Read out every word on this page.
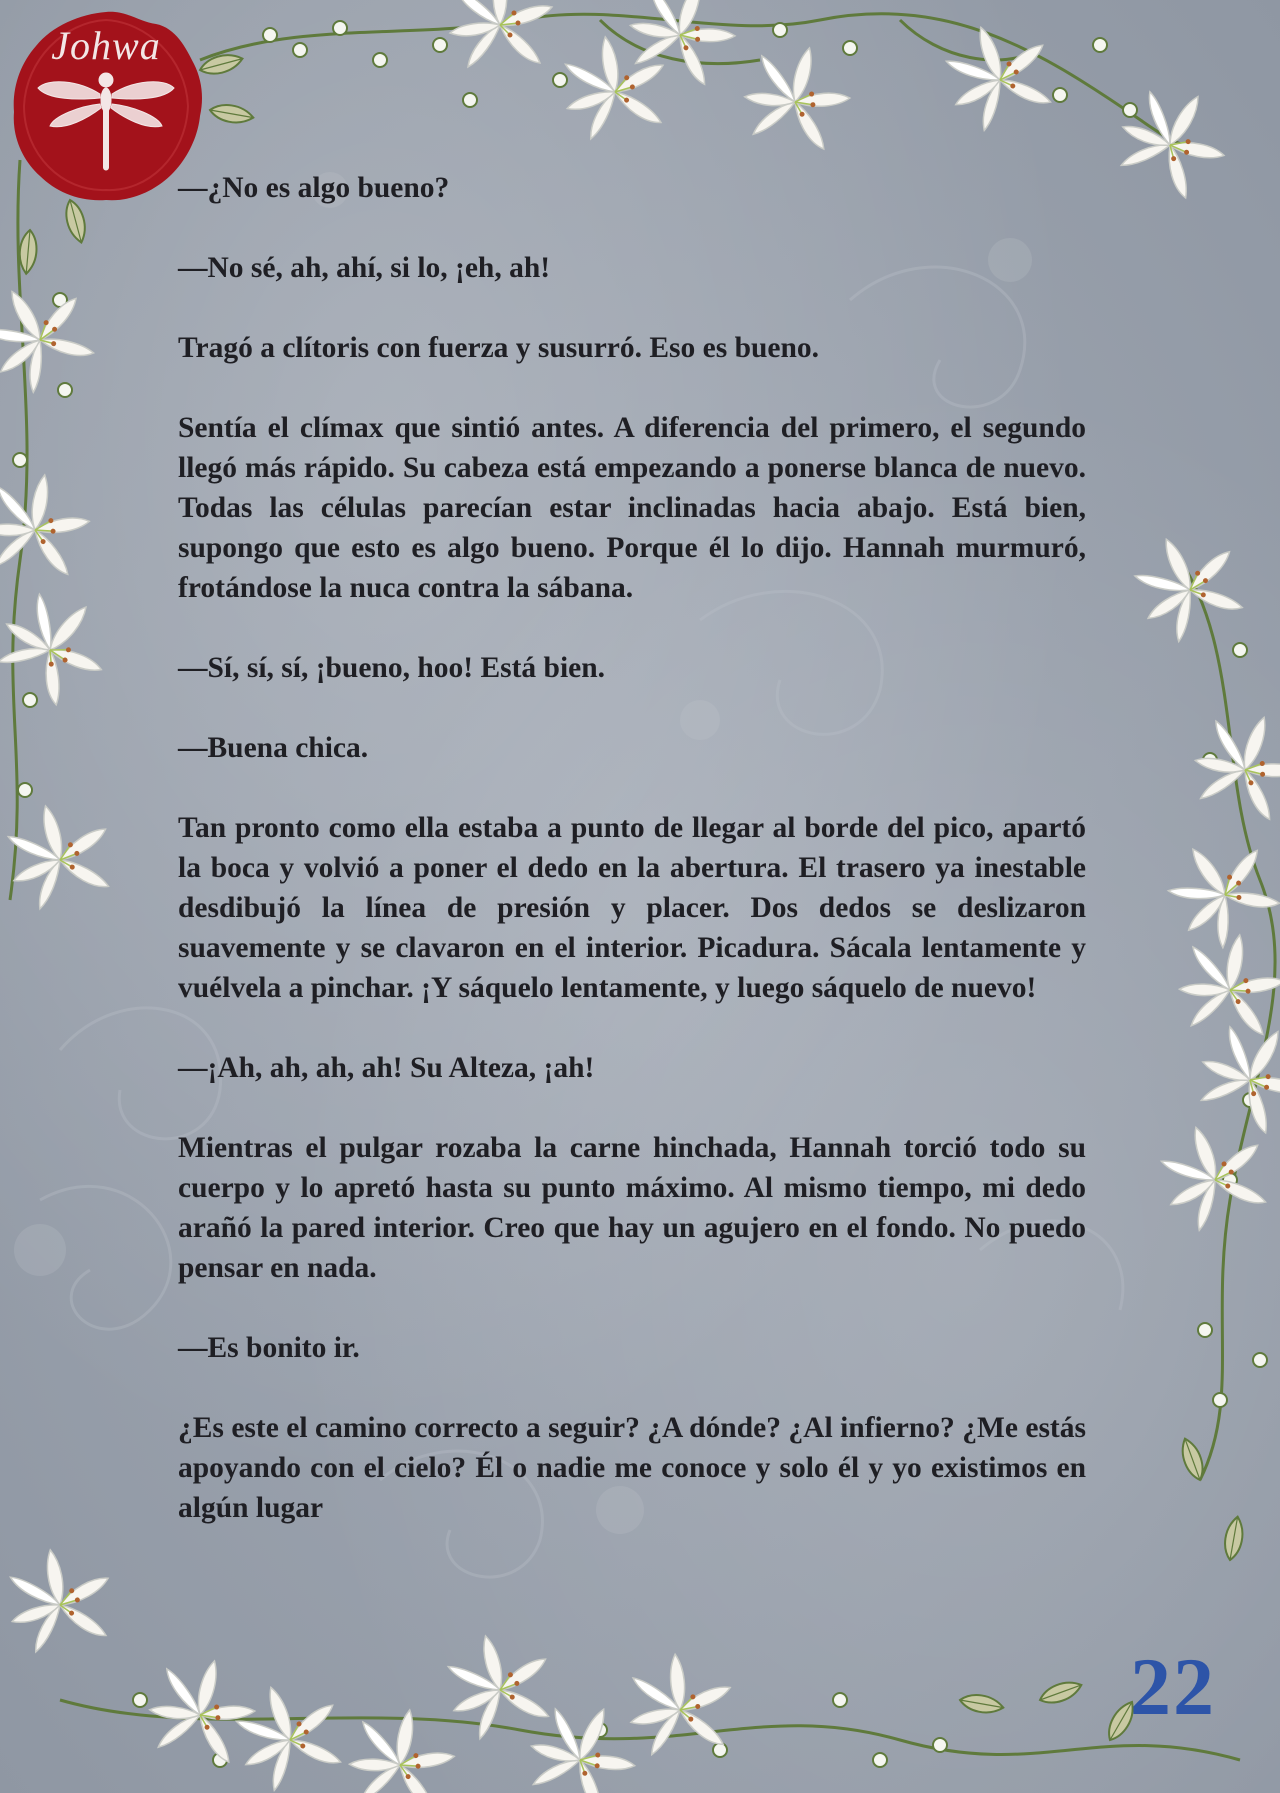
Johwa

—¿No es algo bueno?

—No sé, ah, ahí, si lo, ¡eh, ah!

Tragó a clítoris con fuerza y susurró. Eso es bueno.

Sentía el clímax que sintió antes. A diferencia del primero, el segundo llegó más rápido. Su cabeza está empezando a ponerse blanca de nuevo. Todas las células parecían estar inclinadas hacia abajo. Está bien, supongo que esto es algo bueno. Porque él lo dijo. Hannah murmuró, frotándose la nuca contra la sábana.

—Sí, sí, sí, ¡bueno, hoo! Está bien.

—Buena chica.

Tan pronto como ella estaba a punto de llegar al borde del pico, apartó la boca y volvió a poner el dedo en la abertura. El trasero ya inestable desdibujó la línea de presión y placer. Dos dedos se deslizaron suavemente y se clavaron en el interior. Picadura. Sácala lentamente y vuélvela a pinchar. ¡Y sáquelo lentamente, y luego sáquelo de nuevo!

—¡Ah, ah, ah, ah! Su Alteza, ¡ah!

Mientras el pulgar rozaba la carne hinchada, Hannah torció todo su cuerpo y lo apretó hasta su punto máximo. Al mismo tiempo, mi dedo arañó la pared interior. Creo que hay un agujero en el fondo. No puedo pensar en nada.

—Es bonito ir.

¿Es este el camino correcto a seguir? ¿A dónde? ¿Al infierno? ¿Me estás apoyando con el cielo? Él o nadie me conoce y solo él y yo existimos en algún lugar

22
